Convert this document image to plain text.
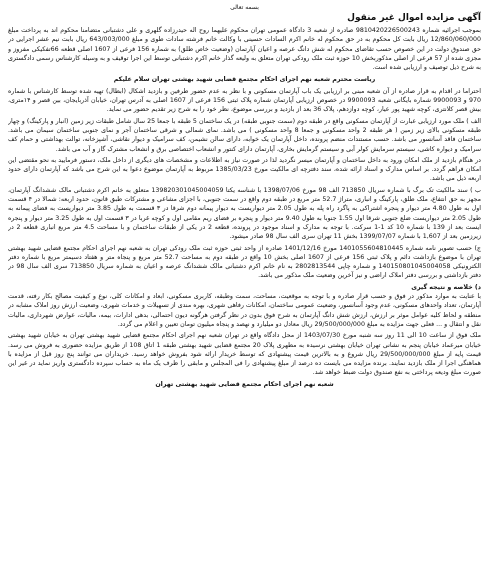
بسمه تعالی
آگهی مزایده اموال غیر منقول

بموجب اجرائیه شماره 9810420226500243 صادره از شعبه 3 دادگاه عمومی تهران محکوم علیهما روح اله حیدرزاده گلهری و علی دشتبانی متضامنا محکوم اند به پرداخت مبلغ 12/860/060/000 ریال بابت کل محکوم به در حق محکوم له خانم اکرم السادات حسینی با وکالت خانم فرشته سادات طوی و مبلغ 643/003/000 ریال بابت نیم عشر اجرایی در حق صندوق دولت در این خصوص حسب تقاضای محکوم له شش دانگ عرصه و اعیان آپارتمان (وضعیت خاص طلق) به شماره 156 فرعی از 1607 اصلی قطعه 66تفکیکی مفروز و مجزی شده از 57 فرعی از اصلی مذکوربخش 10 حوزه ثبت ملک رودکی تهران متعلق به ولیعه گذار خانم اکرم دشتبانی توسط این اجرا توقیف و به وسیله کارشناس رسمی دادگستری به شرح ذیل توصیف و ارزیابی شده است.

ریاست محترم شعبه نهم اجرای احکام مجتمع قضایی شهید بهشتی تهران سلام علیکم

احتراما در اقدام به قرار صادره از آن شعبه مبنی بر ارزیابی یک باب آپارتمان مسکونی و با نظر به عدم حضور طرفین و بازدید اشکال (ابطال) تهیه شده توسط کارشناس با شماره 970 و 9900093 شماره بایگانی شعبه 9900093 در خصوص ارزیابی آپارتمان شماره پلاک ثبتی 156 فرعی از 1607 اصلی به آدرس تهران، خیابان آذربایجان، بین قصر و ۱۴متری، بیش قصر کلانتری، کوچه شهید پور عیار، کوچه دوازدهم، پلاک 36 بعد از بازدید و بررسی موضوع، نظر خود را به شرح زیر تقدیم حضور می نماید.

الف ) ملک مورد ارزیابی عبارت از آپارتمان مسکونی واقع در طبقه دوم (سمت جنوبی طبقه) در یک ساختمان 5 طبقه با جمعا 25 سال شامل طبقات زیر زمین (انبار و پارکینگ) و چهار طبقه مسکونی بالای زیر زمین ( هر طبقه 2 واحد مسکونی و جمعا 8 واحد مسکونی ) می باشد. نمای شمالی و شرقی ساختمان آجر و نمای جنوبی ساختمان سیمان می باشد. ساختمان فاقد آسانسور می باشد. حسب مستندات منضم پرونده، داخل آپارتمان یک خوابه، دارای سالن نشیمن، کف سرامیک و دیوار نقاشی، آشپزخانه، توالت بهداشتی و حمام کف سرامیک و دیواره کاشی، سیستم سرمایش کولر آبی و سیستم گرمایش بخاری، آپارتمان دارای کنتور و انشعاب اختصاصی برق و انشعاب مشترک گاز و آب می باشد.

در هنگام بازدید از ملک امکان ورود به داخل ساختمان و آپارتمان میسر نگردید لذا در صورت نیاز به اطلاعات و مشخصات های دیگری از داخل ملک، دستور فرمایید به نحو مقتضی این امکان فراهم گردد. بر اساس مدارک و اسناد ارائه شده، سند دفترچه ای مالکیت مورخ 1385/03/23 مربوط به آپارتمان موضوع دعوا به این شرح می باشد که آپارتمان دارای حدود اربعه ذیل می باشد.

ب ) سند مالکیت تک برگ با شماره سریال 713850 الف 98 مورخ 1398/07/06 با شناسه یکتا 139820301045004059 متعلق به خانم اکرم دشتبانی مالک ششدانگ آپارتمان، مجهز به حق انتفاع، ملک طلق، پارکینگ و انباری، متراژ 52.7 متر مربع در طبقه دوم واقع در سمت جنوبی، با اجزای مشاعی و مشترکات طبق قانون، حدود اربعه: شمالا در ۴ قسمت اول به طول 4.80 متر دیوار و پنجره اشتراکی به پاگرد راه پله به طول 2.05 متر دیواریست به دیوار پیمانه دوم شرقا در ۳ قسمت به طول 3.85 متر دیواریست به فضای پیمانه به طول 2.05 متر دیواریست ضلع جنوبی شرقا اول 1.55 جنوبا به طول 9.40 متر دیوار و پنجره بر فضای ریم مقامی اول و کوچه غربا در ۳ قسمت اول به طول 3.25 متر دیوار و پنجره ایست بعد از 139 با شماره 10 کد 1-1 سرکت. با توجه به مدارک و اسناد موجود در پرونده، قطعه 2 در یکی از طبقات ساختمان و با مساحت 4.5 متر مربع انباری قطعه 2 در زیرزمین بعد از 1,607 با شماره 1399/07/07 بخش 11 تهران سری الف سال 98 صادر میشود.

ج) حسب تصویر نامه شماره 1401055604810445 مورخ 1401/12/16 صادره از واحد ثبتی حوزه ثبت ملک رودکی تهران به شعبه نهم اجرای احکام مجتمع قضایی شهید بهشتی تهران با موضوع بازداشت دائم و پلاک ثبتی 156 فرعی از 1607 اصلی بخش 10 واقع در طبقه دوم به مساحت 52.7 متر مربع و پنجاه متر و هفتاد دسیمتر مربع با شماره دفتر الکترونیکی 140150801045004058 و شماره چاپی 2802813544 به نام خانم اکرم دشتبانی مالک ششدانگ عرصه و اعیان به شماره سریال 713850 سری الف سال 98 در دفتر بازداشتی و بررسی دفتر املاک اراضی و نیز آخرین وضعیت ملک مذکور می باشد.

د) خلاصه و نتیجه گیری

با عنایت به موارد مذکور در فوق و حسب قرار صادره و با توجه به موقعیت، مساحت، سمت وطبقه، کاربری مسکونی، ابعاد و امکانات کلی، نوع و کیفیت مصالح بکار رفته، قدمت آپارتمان، تعداد واحدهای مسکونی، عدم وجود آسانسور، وضعیت عمومی ساختمان، امکانات رفاهی شهری، بهره مندی از تسهیلات و خدمات شهری، وضعیت ارزش روز املاک مشابه در منطقه و لحاظ کلیه عوامل موثر بر ارزش، ارزش شش دانگ آپارتمان به شرح فوق بدون در نظر گرفتن هرگونه دیون احتمالی، بدهی ادارات، بیمه، مالیات، عوارض شهرداری، مالیات نقل و انتقال و ... فعلی جهت مزایده به مبلغ 29/500/000/000 ریال معادل دو میلیارد و نهصد و پنجاه میلیون تومان تعیین و اعلام می گردد.

ملک فوق از ساعت 10 الی 11 روز سه شنبه مورخ 1403/07/30 از محل دادگاه واقع در تهران شعبه نهم اجرای احکام مجتمع قضایی شهید بهشتی تهران به خیابان شهید بهشتی خیابان میرعماد خیابان پنجم به نشانی تهران خیابان بهشتی نرسیده به مطهری پلاک 20 مجتمع قضایی شهید بهشتی طبقه 1 اتاق 108 از طریق مزایده حضوری به فروش می رسد. قیمت پایه از مبلغ 29/500/000/000 ریال شروع و به بالاترین قیمت پیشنهادی که توسط خریدار ارائه شود بفروش خواهد رسید. خریداران می توانند پنج روز قبل از مزایده با هماهنگی اجرا از ملک بازدید نمایند. برنده مزایده می بایست ده درصد از مبلغ پیشنهادی را فی المجلس و مابقی را ظرف یک ماه به حساب سپرده دادگستری واریز نماید در غیر این صورت مبلغ ودیعه پرداختی به نفع صندوق دولت ضبط خواهد شد.

شعبه نهم اجرای احکام مجتمع قضایی شهید بهشتی تهران
